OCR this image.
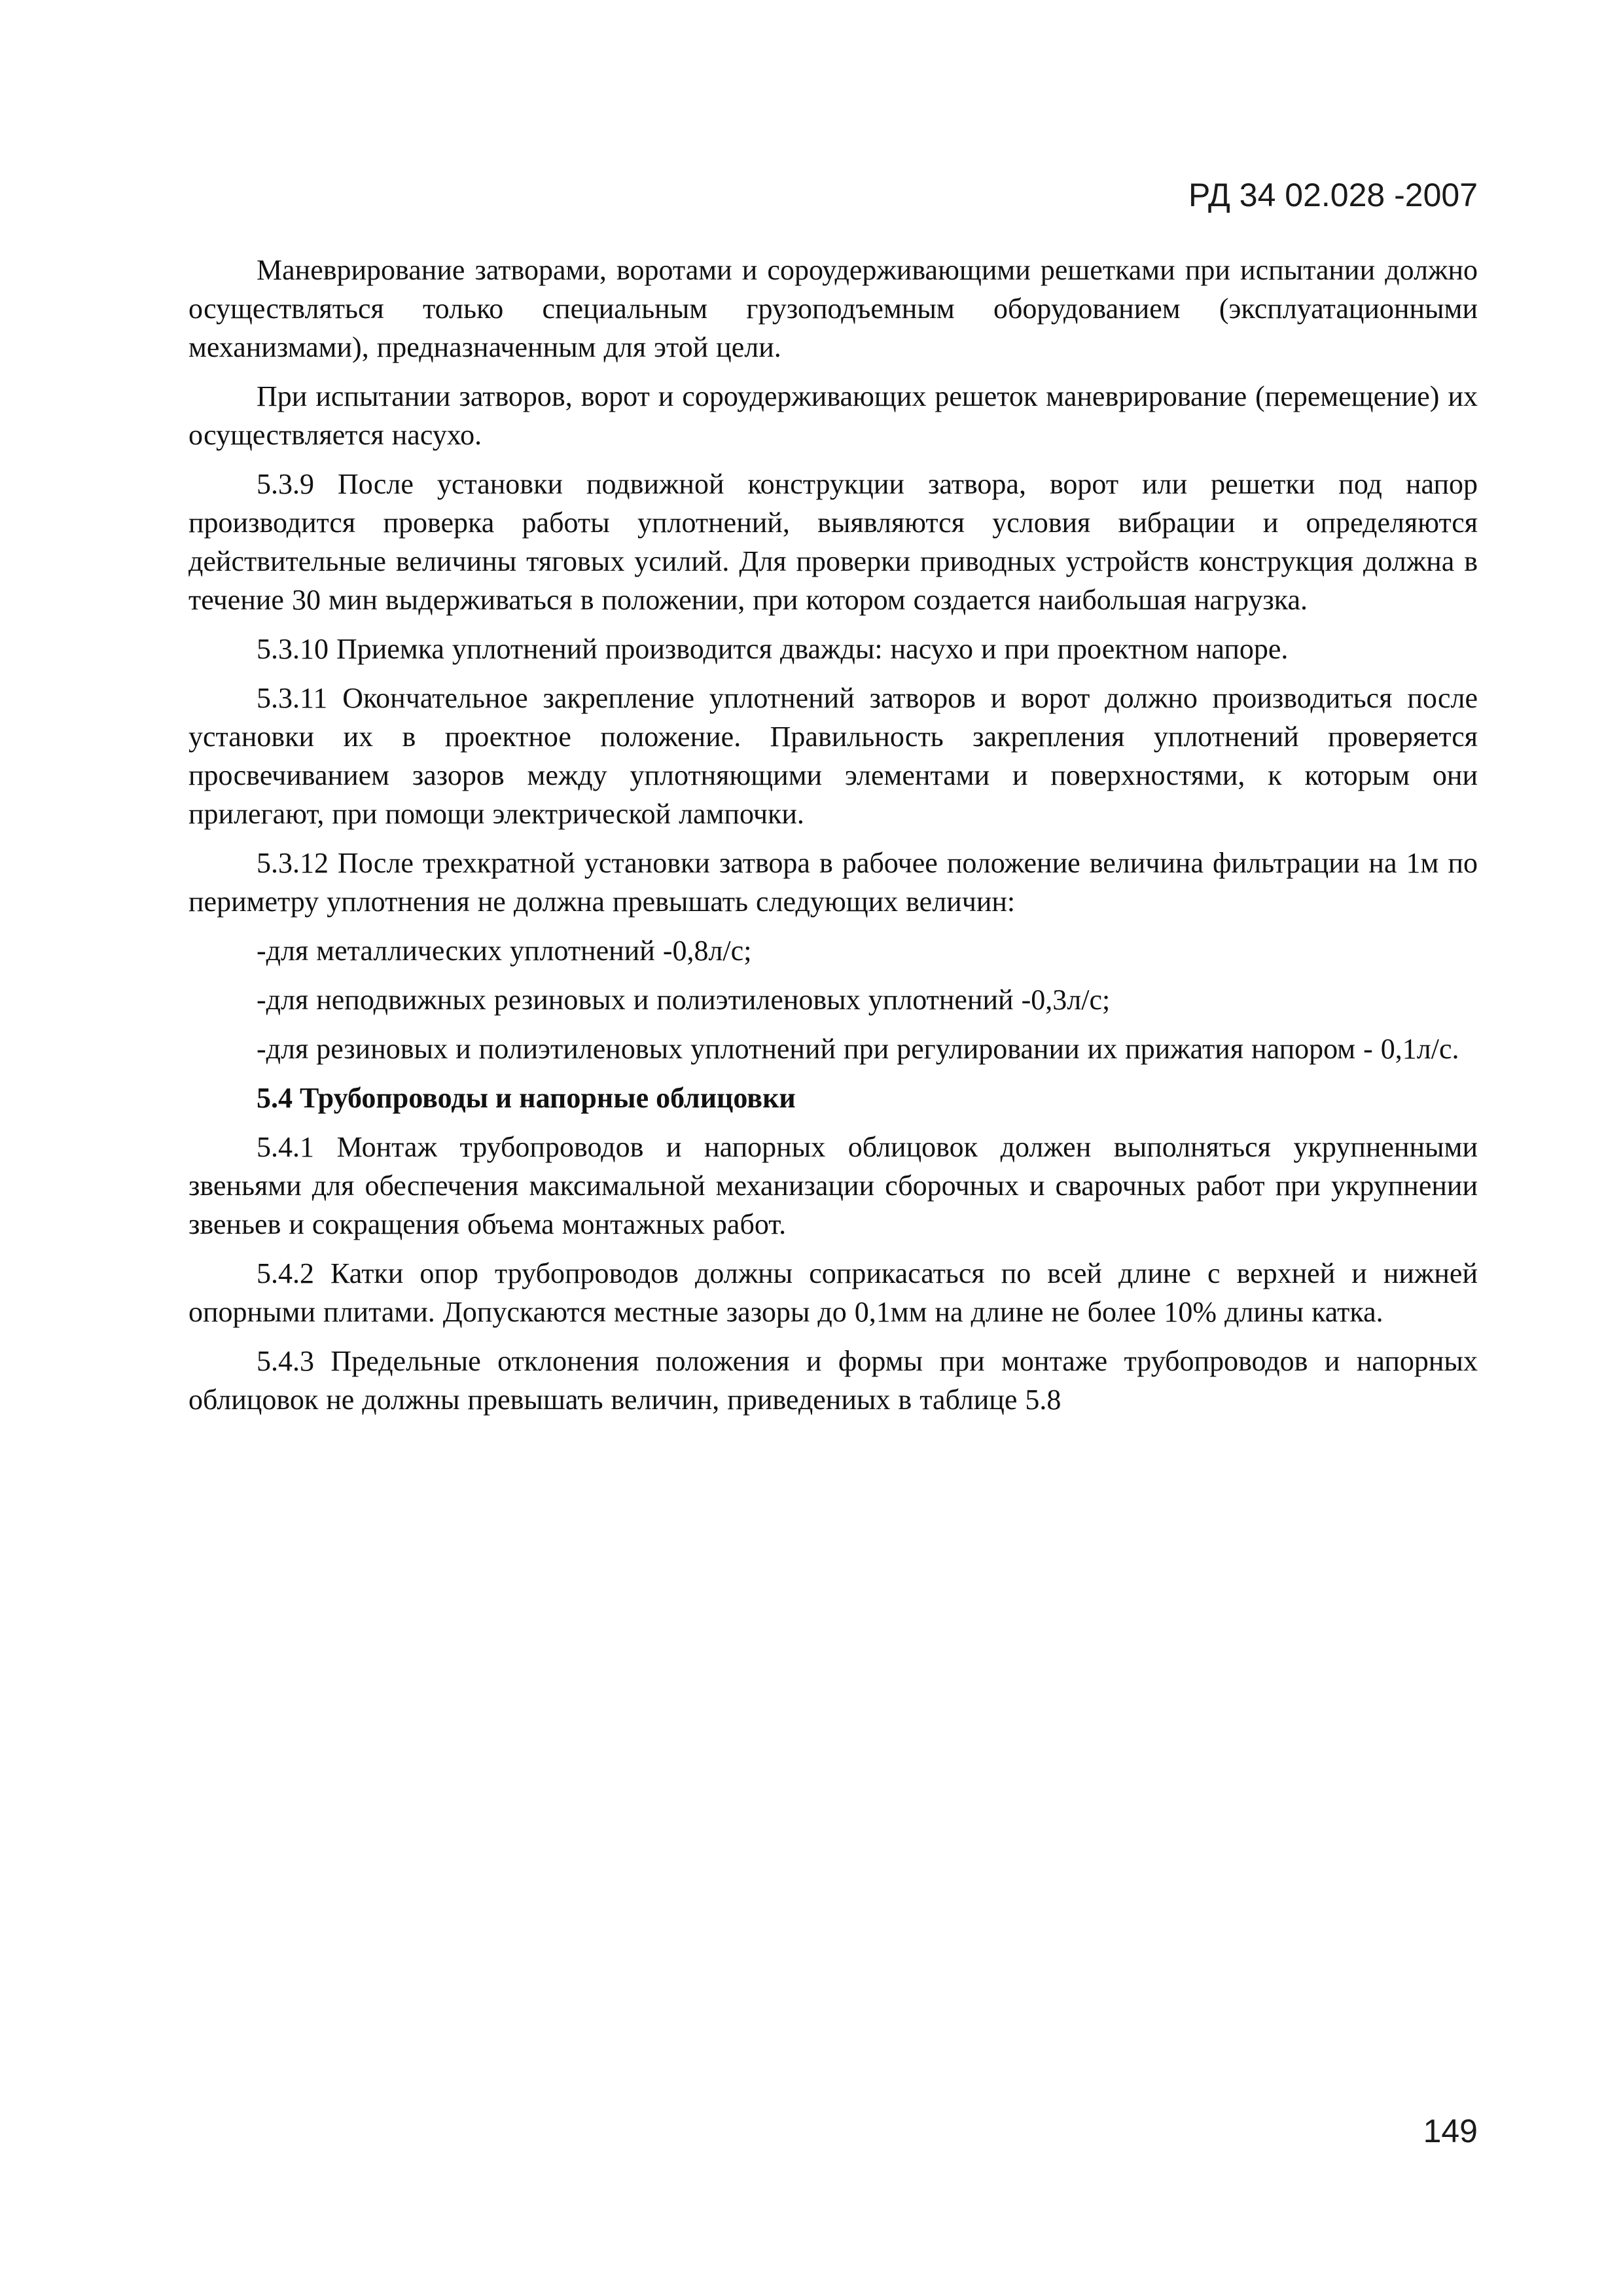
РД 34 02.028 -2007

Маневрирование затворами, воротами и сороудерживающими решетками при испытании должно осуществляться только специальным грузоподъемным оборудованием (эксплуатационными механизмами), предназначенным для этой цели.

При испытании затворов, ворот и сороудерживающих решеток маневрирование (перемещение) их осуществляется насухо.

5.3.9 После установки подвижной конструкции затвора, ворот или решетки под напор производится проверка работы уплотнений, выявляются условия вибрации и определяются действительные величины тяговых усилий. Для проверки приводных устройств конструкция должна в течение 30 мин выдерживаться в положении, при котором создается наибольшая нагрузка.

5.3.10 Приемка уплотнений производится дважды: насухо и при проектном напоре.

5.3.11 Окончательное закрепление уплотнений затворов и ворот должно производиться после установки их в проектное положение. Правильность закрепления уплотнений проверяется просвечиванием зазоров между уплотняющими элементами и поверхностями, к которым они прилегают, при помощи электрической лампочки.

5.3.12 После трехкратной установки затвора в рабочее положение величина фильтрации на 1м по периметру уплотнения не должна превышать следующих величин:

-для металлических уплотнений -0,8л/с;

-для неподвижных резиновых и полиэтиленовых уплотнений -0,3л/с;

-для резиновых и полиэтиленовых уплотнений при регулировании их прижатия напором - 0,1л/с.

5.4 Трубопроводы и напорные облицовки

5.4.1 Монтаж трубопроводов и напорных облицовок должен выполняться укрупненными звеньями для обеспечения максимальной механизации сборочных и сварочных работ при укрупнении звеньев и сокращения объема монтажных работ.

5.4.2 Катки опор трубопроводов должны соприкасаться по всей длине с верхней и нижней опорными плитами. Допускаются местные зазоры до 0,1мм на длине не более 10% длины катка.

5.4.3 Предельные отклонения положения и формы при монтаже трубопроводов и напорных облицовок не должны превышать величин, приведениых в таблице 5.8

149
